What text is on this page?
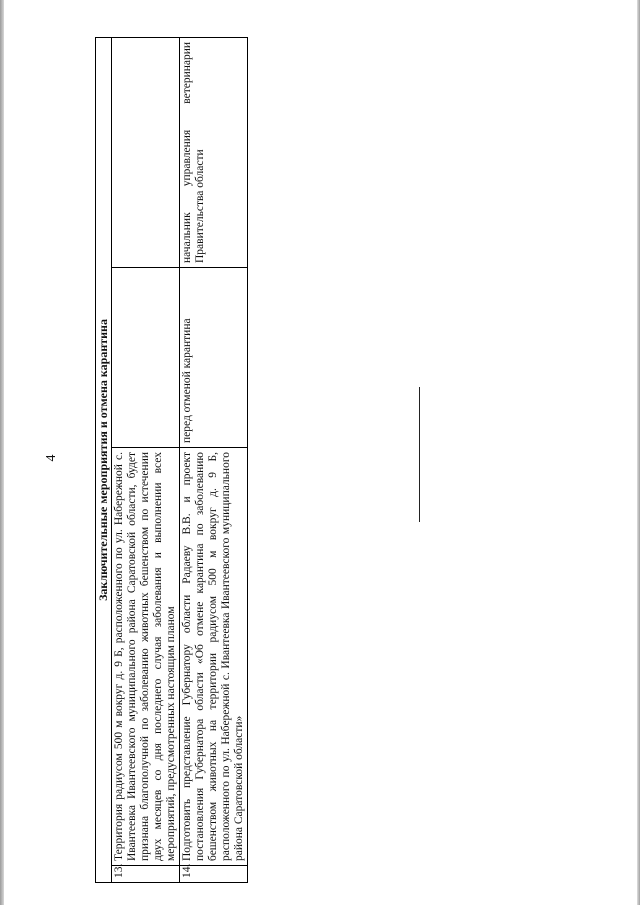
4	Заключительные мероприятия и отмена карантина			
13.	Территория радиусом 500 м вокруг д. 9 Б, расположенного по ул. Набережной с. Ивантеевка Ивантеевского муниципального района Саратовской области, будет признана благополучной по заболеванию животных бешенством по истечении двух месяцев со дня последнего случая заболевания и выполнении всех мероприятий, предусмотренных настоящим планом		
14.	Подготовить представление Губернатору области Радаеву В.В. и проект постановления Губернатора области «Об отмене карантина по заболеванию бешенством животных на территории радиусом 500 м вокруг д. 9 Б, расположенного по ул. Набережной с. Ивантеевка Ивантеевского муниципального района Саратовской области»	перед отменой карантина	начальник управления ветеринарии Правительства области
